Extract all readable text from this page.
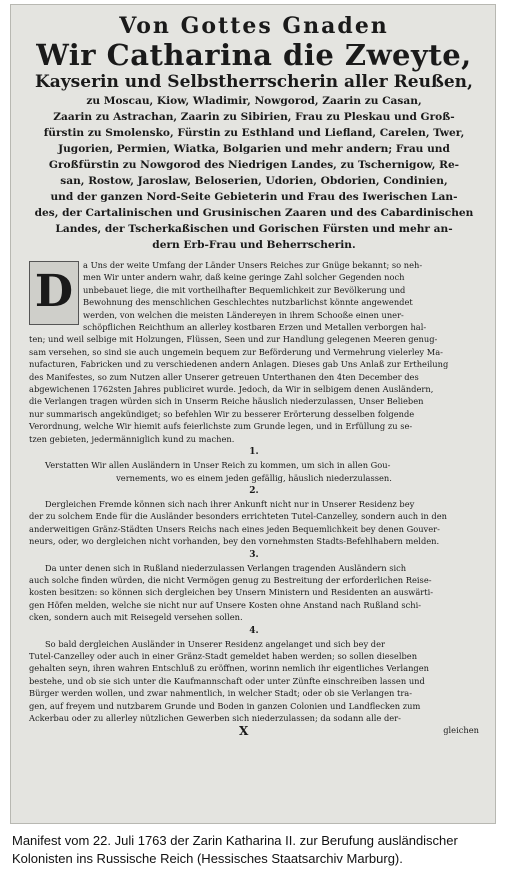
Von Gottes Gnaden
Wir Catharina die Zweyte,
Kayserin und Selbstherrscherin aller Reußen,
zu Moscau, Kiow, Wladimir, Nowgorod, Zaarin zu Casan,
Zaarin zu Astrachan, Zaarin zu Sibirien, Frau zu Pleskau und Groß-
fürstin zu Smolensko, Fürstin zu Esthland und Liefland, Carelen, Twer,
Jugorien, Permien, Wiatka, Bolgarien und mehr andern; Frau und
Großfürstin zu Nowgorod des Niedrigen Landes, zu Tschernigow, Re-
san, Rostow, Jaroslaw, Beloserien, Udorien, Obdorien, Condinien,
und der ganzen Nord-Seite Gebieterin und Frau des Iwerischen Lan-
des, der Cartalinischen und Grusinischen Zaaren und des Cabardinischen
Landes, der Tscherkaßischen und Gorischen Fürsten und mehr an-
dern Erb-Frau und Beherrscherin.
D
a Uns der weite Umfang der Länder Unsers Reiches zur Gnüge bekannt; so neh-
men Wir unter andern wahr, daß keine geringe Zahl solcher Gegenden noch
unbebauet liege, die mit vortheilhafter Bequemlichkeit zur Bevölkerung und
Bewohnung des menschlichen Geschlechtes nutzbarlichst könnte angewendet
werden, von welchen die meisten Ländereyen in ihrem Schooße einen uner-
schöpflichen Reichthum an allerley kostbaren Erzen und Metallen verborgen hal-
ten; und weil selbige mit Holzungen, Flüssen, Seen und zur Handlung gelegenen Meeren genug-
sam versehen, so sind sie auch ungemein bequem zur Beförderung und Vermehrung vielerley Ma-
nufacturen, Fabricken und zu verschiedenen andern Anlagen. Dieses gab Uns Anlaß zur Ertheilung
des Manifestes, so zum Nutzen aller Unserer getreuen Unterthanen den 4ten December des
abgewichenen 1762sten Jahres publiciret wurde. Jedoch, da Wir in selbigem denen Ausländern,
die Verlangen tragen würden sich in Unserm Reiche häuslich niederzulassen, Unser Belieben
nur summarisch angekündiget; so befehlen Wir zu besserer Erörterung desselben folgende
Verordnung, welche Wir hiemit aufs feierlichste zum Grunde legen, und in Erfüllung zu se-
tzen gebieten, jedermänniglich kund zu machen.
1.
Verstatten Wir allen Ausländern in Unser Reich zu kommen, um sich in allen Gou-
vernements, wo es einem jeden gefällig, häuslich niederzulassen.
2.
Dergleichen Fremde können sich nach ihrer Ankunft nicht nur in Unserer Residenz bey
der zu solchem Ende für die Ausländer besonders errichteten Tutel-Canzelley, sondern auch in den
anderweitigen Gränz-Städten Unsers Reichs nach eines jeden Bequemlichkeit bey denen Gouver-
neurs, oder, wo dergleichen nicht vorhanden, bey den vornehmsten Stadts-Befehlhabern melden.
3.
Da unter denen sich in Rußland niederzulassen Verlangen tragenden Ausländern sich
auch solche finden würden, die nicht Vermögen genug zu Bestreitung der erforderlichen Reise-
kosten besitzen: so können sich dergleichen bey Unsern Ministern und Residenten an auswärti-
gen Höfen melden, welche sie nicht nur auf Unsere Kosten ohne Anstand nach Rußland schi-
cken, sondern auch mit Reisegeld versehen sollen.
4.
So bald dergleichen Ausländer in Unserer Residenz angelanget und sich bey der
Tutel-Canzelley oder auch in einer Gränz-Stadt gemeldet haben werden; so sollen dieselben
gehalten seyn, ihren wahren Entschluß zu eröffnen, worinn nemlich ihr eigentliches Verlangen
bestehe, und ob sie sich unter die Kaufmannschaft oder unter Zünfte einschreiben lassen und
Bürger werden wollen, und zwar nahmentlich, in welcher Stadt; oder ob sie Verlangen tra-
gen, auf freyem und nutzbarem Grunde und Boden in ganzen Colonien und Landflecken zum
Ackerbau oder zu allerley nützlichen Gewerben sich niederzulassen; da sodann alle der-
X	gleichen
Manifest vom 22. Juli 1763 der Zarin Katharina II. zur Berufung ausländischer
Kolonisten ins Russische Reich (Hessisches Staatsarchiv Marburg).
